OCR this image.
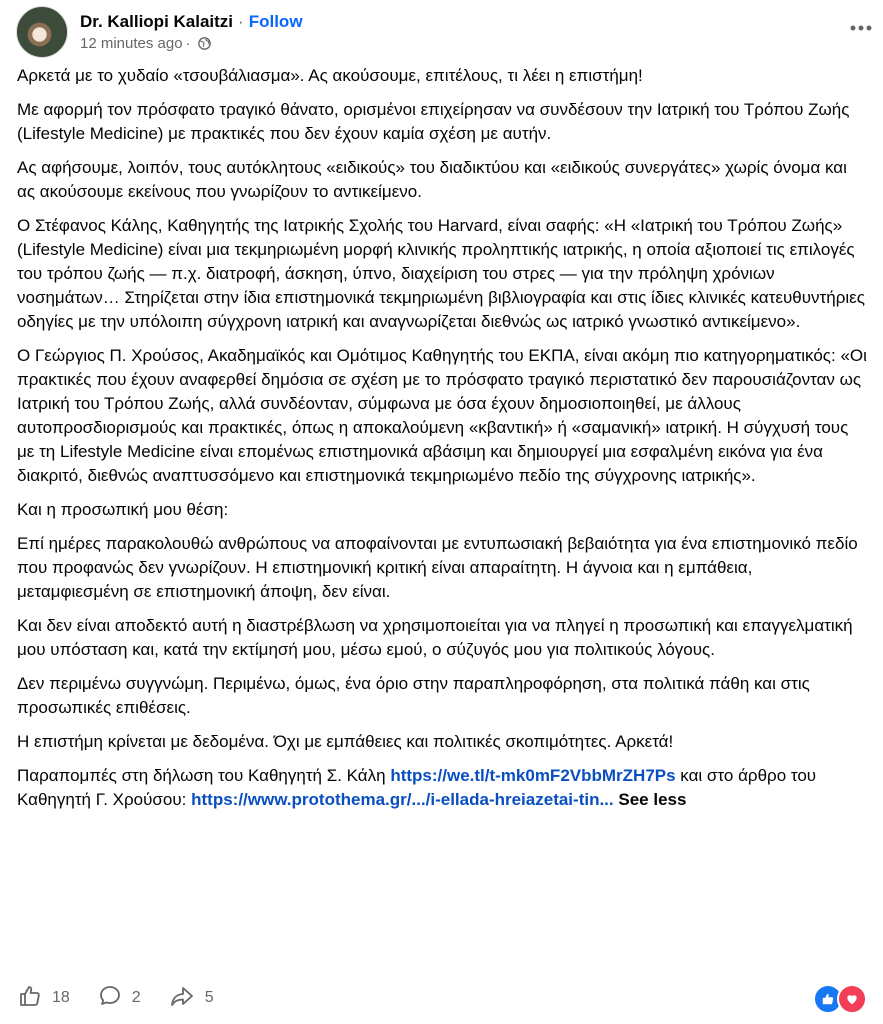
Dr. Kalliopi Kalaitzi · Follow
12 minutes ago ·

Αρκετά με το χυδαίο «τσουβάλιασμα». Ας ακούσουμε, επιτέλους, τι λέει η επιστήμη!

Με αφορμή τον πρόσφατο τραγικό θάνατο, ορισμένοι επιχείρησαν να συνδέσουν την Ιατρική του Τρόπου Ζωής (Lifestyle Medicine) με πρακτικές που δεν έχουν καμία σχέση με αυτήν.

Ας αφήσουμε, λοιπόν, τους αυτόκλητους «ειδικούς» του διαδικτύου και «ειδικούς συνεργάτες» χωρίς όνομα και ας ακούσουμε εκείνους που γνωρίζουν το αντικείμενο.

Ο Στέφανος Κάλης, Καθηγητής της Ιατρικής Σχολής του Harvard, είναι σαφής: «Η «Ιατρική του Τρόπου Ζωής» (Lifestyle Medicine) είναι μια τεκμηριωμένη μορφή κλινικής προληπτικής ιατρικής, η οποία αξιοποιεί τις επιλογές του τρόπου ζωής — π.χ. διατροφή, άσκηση, ύπνο, διαχείριση του στρες — για την πρόληψη χρόνιων νοσημάτων… Στηρίζεται στην ίδια επιστημονικά τεκμηριωμένη βιβλιογραφία και στις ίδιες κλινικές κατευθυντήριες οδηγίες με την υπόλοιπη σύγχρονη ιατρική και αναγνωρίζεται διεθνώς ως ιατρικό γνωστικό αντικείμενο».

Ο Γεώργιος Π. Χρούσος, Ακαδημαϊκός και Ομότιμος Καθηγητής του ΕΚΠΑ, είναι ακόμη πιο κατηγορηματικός: «Οι πρακτικές που έχουν αναφερθεί δημόσια σε σχέση με το πρόσφατο τραγικό περιστατικό δεν παρουσιάζονταν ως Ιατρική του Τρόπου Ζωής, αλλά συνδέονταν, σύμφωνα με όσα έχουν δημοσιοποιηθεί, με άλλους αυτοπροσδιορισμούς και πρακτικές, όπως η αποκαλούμενη «κβαντική» ή «σαμανική» ιατρική. Η σύγχυσή τους με τη Lifestyle Medicine είναι επομένως επιστημονικά αβάσιμη και δημιουργεί μια εσφαλμένη εικόνα για ένα διακριτό, διεθνώς αναπτυσσόμενο και επιστημονικά τεκμηριωμένο πεδίο της σύγχρονης ιατρικής».

Και η προσωπική μου θέση:

Επί ημέρες παρακολουθώ ανθρώπους να αποφαίνονται με εντυπωσιακή βεβαιότητα για ένα επιστημονικό πεδίο που προφανώς δεν γνωρίζουν. Η επιστημονική κριτική είναι απαραίτητη. Η άγνοια και η εμπάθεια, μεταμφιεσμένη σε επιστημονική άποψη, δεν είναι.

Και δεν είναι αποδεκτό αυτή η διαστρέβλωση να χρησιμοποιείται για να πληγεί η προσωπική και επαγγελματική μου υπόσταση και, κατά την εκτίμησή μου, μέσω εμού, ο σύζυγός μου για πολιτικούς λόγους.

Δεν περιμένω συγγνώμη. Περιμένω, όμως, ένα όριο στην παραπληροφόρηση, στα πολιτικά πάθη και στις προσωπικές επιθέσεις.

Η επιστήμη κρίνεται με δεδομένα. Όχι με εμπάθειες και πολιτικές σκοπιμότητες. Αρκετά!

Παραπομπές στη δήλωση του Καθηγητή Σ. Κάλη https://we.tl/t-mk0mF2VbbMrZH7Ps και στο άρθρο του Καθηγητή Γ. Χρούσου: https://www.protothema.gr/.../i-ellada-hreiazetai-tin... See less

18	2	5
